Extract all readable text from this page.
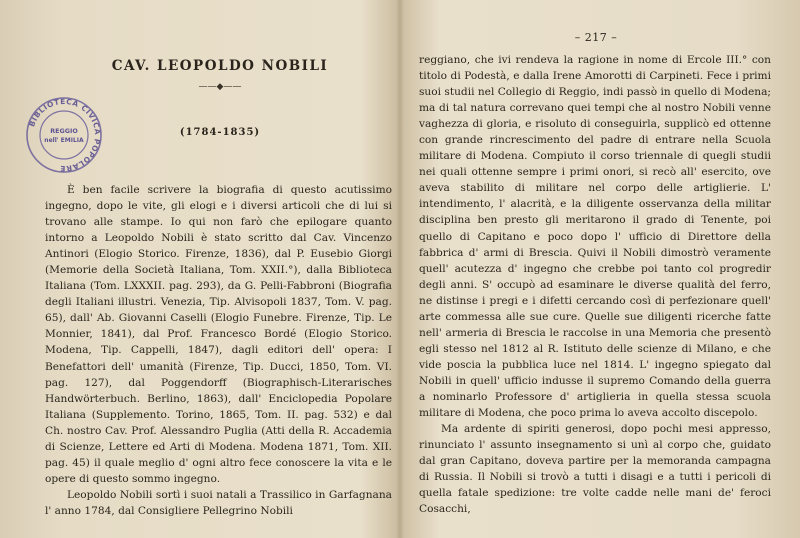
BIBLIOTECA CIVICA POPOLARE
REGGIO
nell' EMILIA
CAV. LEOPOLDO NOBILI
——◆——
(1784-1835)

È ben facile scrivere la biografia di questo acutissimo ingegno, dopo le vite, gli elogi e i diversi articoli che di lui si trovano alle stampe. Io qui non farò che epilogare quanto intorno a Leopoldo Nobili è stato scritto dal Cav. Vincenzo Antinori (Elogio Storico. Firenze, 1836), dal P. Eusebio Giorgi (Memorie della Società Italiana, Tom. XXII.°), dalla Biblioteca Italiana (Tom. LXXXII. pag. 293), da G. Pelli-Fabbroni (Biografia degli Italiani illustri. Venezia, Tip. Alvisopoli 1837, Tom. V. pag. 65), dall' Ab. Giovanni Caselli (Elogio Funebre. Firenze, Tip. Le Monnier, 1841), dal Prof. Francesco Bordé (Elogio Storico. Modena, Tip. Cappelli, 1847), dagli editori dell' opera: I Benefattori dell' umanità (Firenze, Tip. Ducci, 1850, Tom. VI. pag. 127), dal Poggendorff (Biographisch-Literarisches Handwörterbuch. Berlino, 1863), dall' Enciclopedia Popolare Italiana (Supplemento. Torino, 1865, Tom. II. pag. 532) e dal Ch. nostro Cav. Prof. Alessandro Puglia (Atti della R. Accademia di Scienze, Lettere ed Arti di Modena. Modena 1871, Tom. XII. pag. 45) il quale meglio d' ogni altro fece conoscere la vita e le opere di questo sommo ingegno.

Leopoldo Nobili sortì i suoi natali a Trassilico in Garfagnana l' anno 1784, dal Consigliere Pellegrino Nobili

– 217 –

reggiano, che ivi rendeva la ragione in nome di Ercole III.° con titolo di Podestà, e dalla Irene Amorotti di Carpineti. Fece i primi suoi studii nel Collegio di Reggio, indi passò in quello di Modena; ma di tal natura correvano quei tempi che al nostro Nobili venne vaghezza di gloria, e risoluto di conseguirla, supplicò ed ottenne con grande rincrescimento del padre di entrare nella Scuola militare di Modena. Compiuto il corso triennale di quegli studii nei quali ottenne sempre i primi onori, si recò all' esercito, ove aveva stabilito di militare nel corpo delle artiglierie. L' intendimento, l' alacrità, e la diligente osservanza della militar disciplina ben presto gli meritarono il grado di Tenente, poi quello di Capitano e poco dopo l' ufficio di Direttore della fabbrica d' armi di Brescia. Quivi il Nobili dimostrò veramente quell' acutezza d' ingegno che crebbe poi tanto col progredir degli anni. S' occupò ad esaminare le diverse qualità del ferro, ne distinse i pregi e i difetti cercando così di perfezionare quell' arte commessa alle sue cure. Quelle sue diligenti ricerche fatte nell' armeria di Brescia le raccolse in una Memoria che presentò egli stesso nel 1812 al R. Istituto delle scienze di Milano, e che vide poscia la pubblica luce nel 1814. L' ingegno spiegato dal Nobili in quell' ufficio indusse il supremo Comando della guerra a nominarlo Professore d' artiglieria in quella stessa scuola militare di Modena, che poco prima lo aveva accolto discepolo.

Ma ardente di spiriti generosi, dopo pochi mesi appresso, rinunciato l' assunto insegnamento si unì al corpo che, guidato dal gran Capitano, doveva partire per la memoranda campagna di Russia. Il Nobili si trovò a tutti i disagi e a tutti i pericoli di quella fatale spedizione: tre volte cadde nelle mani de' feroci Cosacchi,
